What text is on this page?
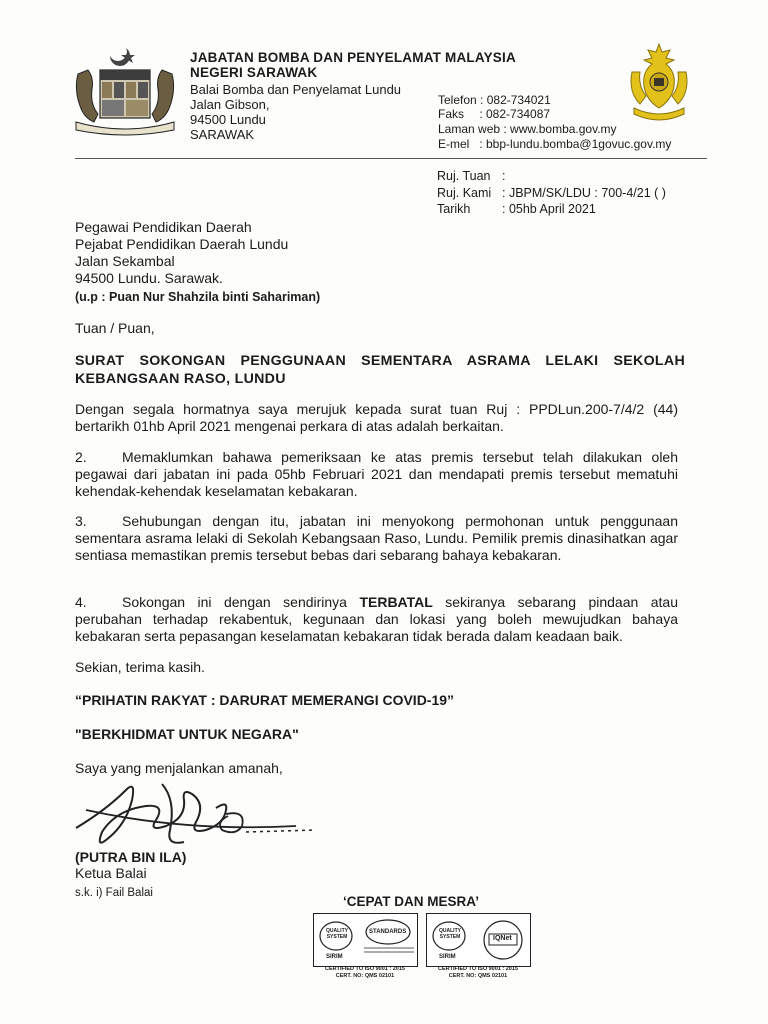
JABATAN BOMBA DAN PENYELAMAT MALAYSIA
NEGERI SARAWAK
Balai Bomba dan Penyelamat Lundu
Jalan Gibson,
94500 Lundu
SARAWAK
Telefon : 082-734021
Faks : 082-734087
Laman web : www.bomba.gov.my
E-mel : bbp-lundu.bomba@1govuc.gov.my
Ruj. Tuan :
Ruj. Kami : JBPM/SK/LDU : 700-4/21 ( )
Tarikh	: 05hb April 2021
Pegawai Pendidikan Daerah
Pejabat Pendidikan Daerah Lundu
Jalan Sekambal
94500 Lundu. Sarawak.
(u.p : Puan Nur Shahzila binti Sahariman)
Tuan / Puan,
SURAT SOKONGAN PENGGUNAAN SEMENTARA ASRAMA LELAKI SEKOLAH KEBANGSAAN RASO, LUNDU
Dengan segala hormatnya saya merujuk kepada surat tuan Ruj : PPDLun.200-7/4/2 (44) bertarikh 01hb April 2021 mengenai perkara di atas adalah berkaitan.
2.	Memaklumkan bahawa pemeriksaan ke atas premis tersebut telah dilakukan oleh pegawai dari jabatan ini pada 05hb Februari 2021 dan mendapati premis tersebut mematuhi kehendak-kehendak keselamatan kebakaran.
3.	Sehubungan dengan itu, jabatan ini menyokong permohonan untuk penggunaan sementara asrama lelaki di Sekolah Kebangsaan Raso, Lundu. Pemilik premis dinasihatkan agar sentiasa memastikan premis tersebut bebas dari sebarang bahaya kebakaran.
4.	Sokongan ini dengan sendirinya TERBATAL sekiranya sebarang pindaan atau perubahan terhadap rekabentuk, kegunaan dan lokasi yang boleh mewujudkan bahaya kebakaran serta pepasangan keselamatan kebakaran tidak berada dalam keadaan baik.
Sekian, terima kasih.
“PRIHATIN RAKYAT : DARURAT MEMERANGI COVID-19”
"BERKHIDMAT UNTUK NEGARA"
Saya yang menjalankan amanah,
(PUTRA BIN ILA)
Ketua Balai
s.k. i) Fail Balai
‘CEPAT DAN MESRA’
QUALITY SYSTEM
STANDARDS
SIRIM
CERTIFIED TO ISO 9001 : 2015
CERT. NO: QMS 02101
QUALITY SYSTEM	IQNet
SIRIM
CERTIFIED TO ISO 9001 : 2015
CERT. NO: QMS 02101
